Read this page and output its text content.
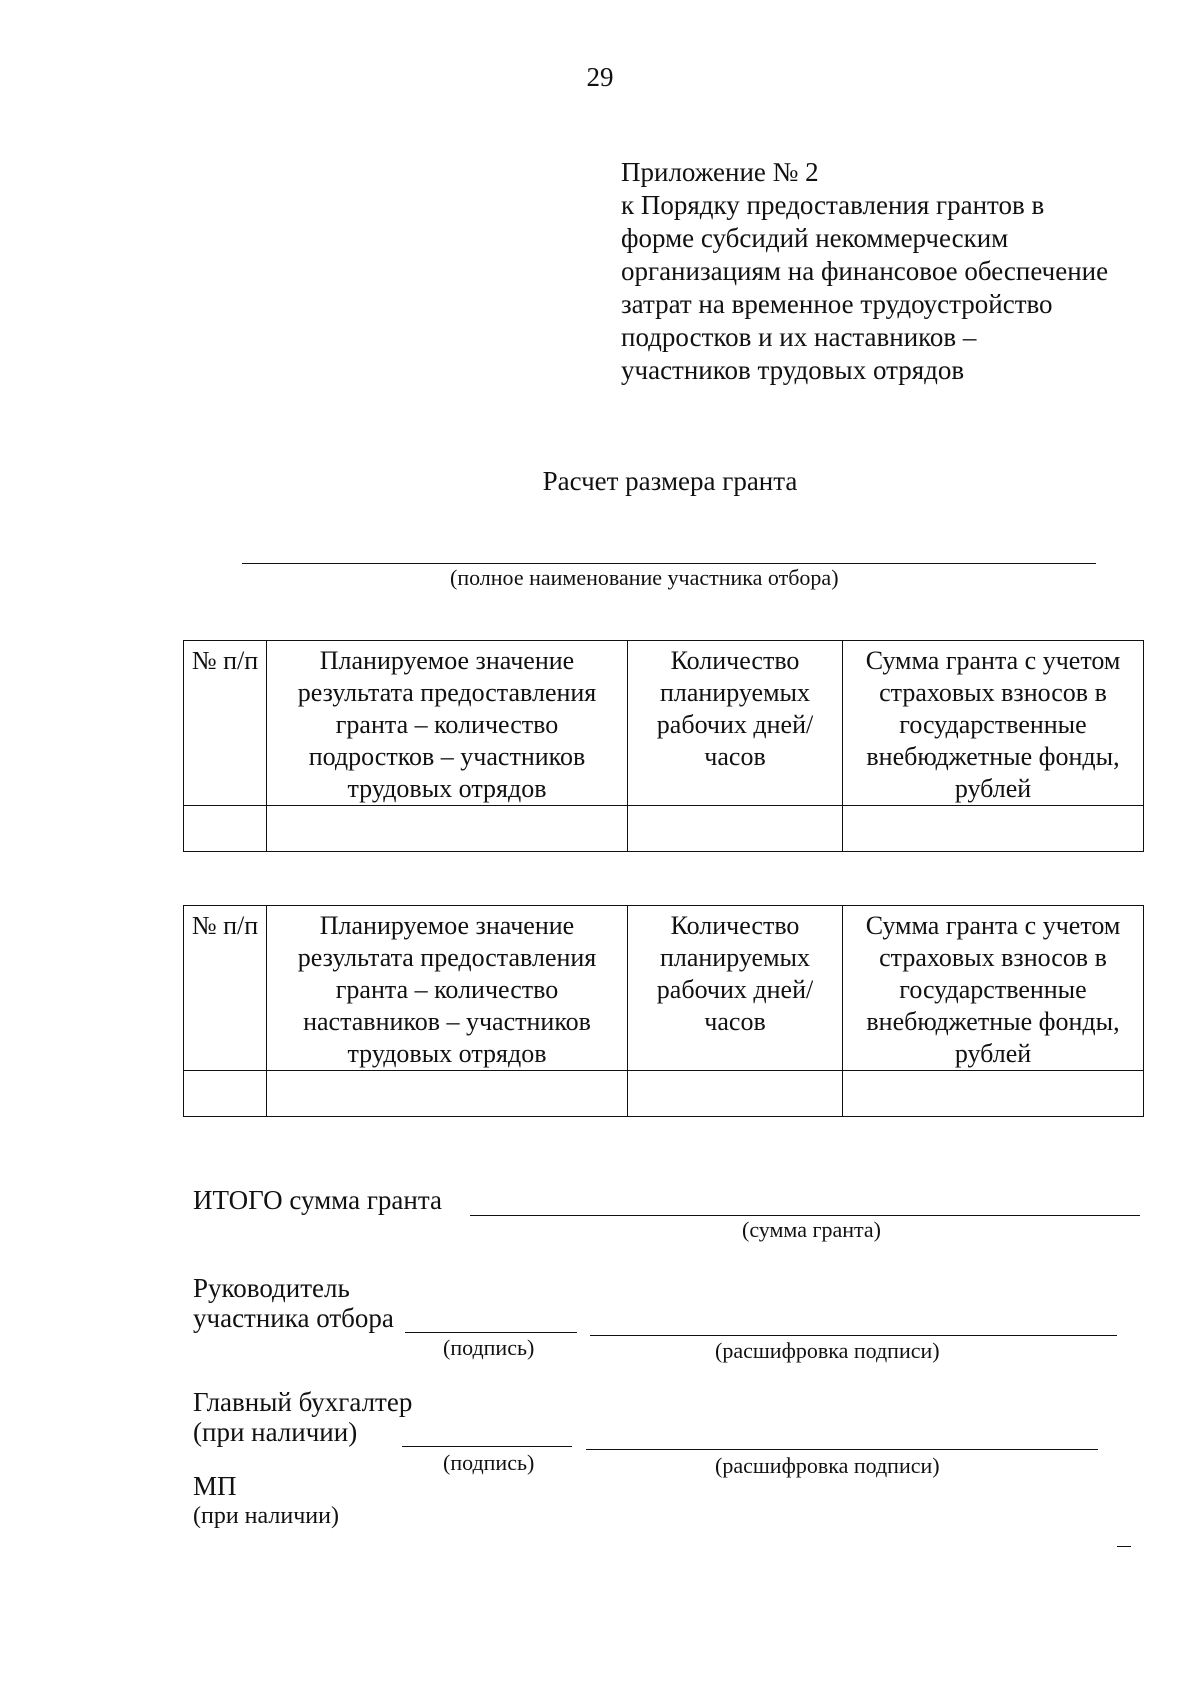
29
Приложение № 2
к Порядку предоставления грантов в
форме субсидий некоммерческим
организациям на финансовое обеспечение
затрат на временное трудоустройство
подростков и их наставников –
участников трудовых отрядов
Расчет размера гранта
(полное наименование участника отбора)
№ п/п	Планируемое значение результата предоставления гранта – количество подростков – участников трудовых отрядов	Количество планируемых рабочих дней/часов	Сумма гранта с учетом страховых взносов в государственные внебюджетные фонды, рублей

№ п/п	Планируемое значение результата предоставления гранта – количество наставников – участников трудовых отрядов	Количество планируемых рабочих дней/часов	Сумма гранта с учетом страховых взносов в государственные внебюджетные фонды, рублей

ИТОГО сумма гранта
(сумма гранта)
Руководитель
участника отбора
(подпись)	(расшифровка подписи)
Главный бухгалтер
(при наличии)
(подпись)	(расшифровка подписи)
МП
(при наличии)
